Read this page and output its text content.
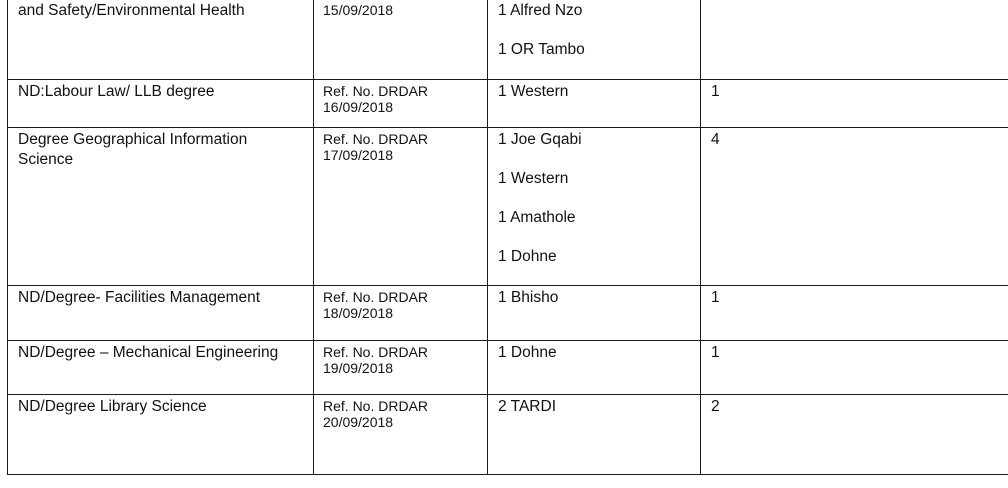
and Safety/Environmental Health	15/09/2018	1 Alfred Nzo
1 OR Tambo	

ND:Labour Law/ LLB degree	Ref. No. DRDAR
16/09/2018	1 Western	1

Degree Geographical Information Science	Ref. No. DRDAR
17/09/2018	1 Joe Gqabi
1 Western
1 Amathole
1 Dohne	4

ND/Degree- Facilities Management	Ref. No. DRDAR
18/09/2018	1 Bhisho	1

ND/Degree – Mechanical Engineering	Ref. No. DRDAR
19/09/2018	1 Dohne	1

ND/Degree Library Science	Ref. No. DRDAR
20/09/2018	2 TARDI	2
